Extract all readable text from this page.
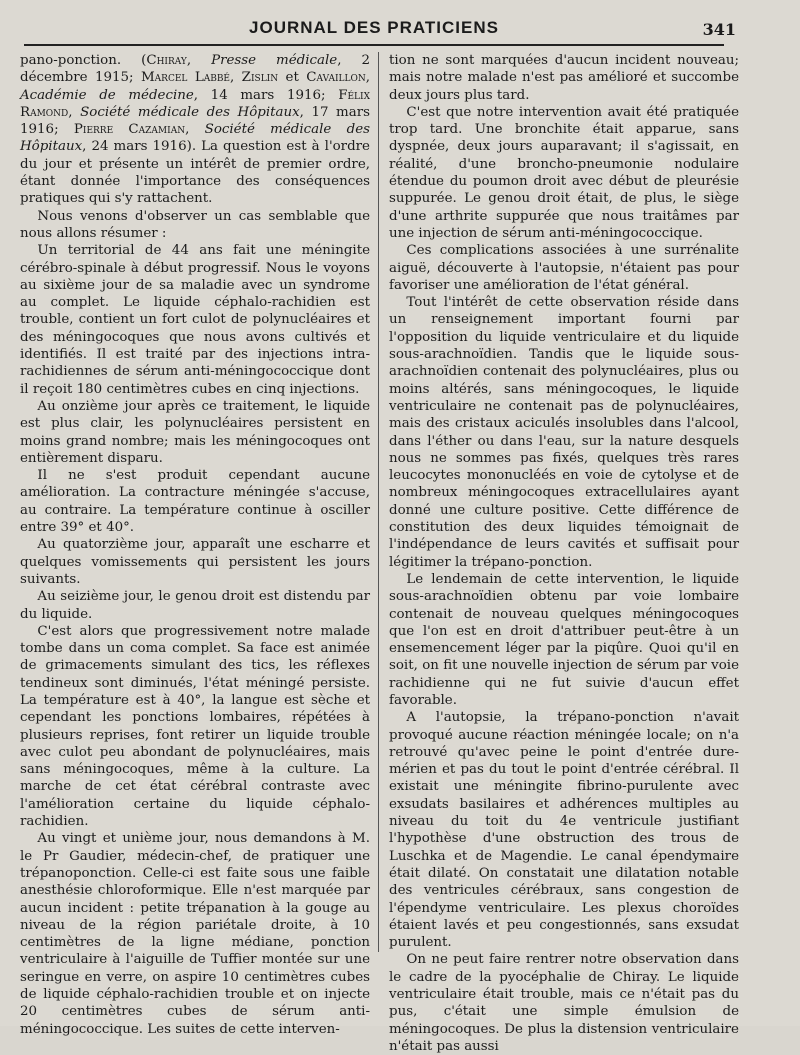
JOURNAL DES PRATICIENS	341

pano-ponction. (Chiray, Presse médicale, 2 décembre 1915; Marcel Labbé, Zislin et Cavaillon, Académie de médecine, 14 mars 1916; Félix Ramond, Société médicale des Hôpitaux, 17 mars 1916; Pierre Cazamian, Société médicale des Hôpitaux, 24 mars 1916). La question est à l'ordre du jour et présente un intérêt de premier ordre, étant donnée l'importance des conséquences pratiques qui s'y rattachent.

Nous venons d'observer un cas semblable que nous allons résumer :

Un territorial de 44 ans fait une méningite cérébro-spinale à début progressif. Nous le voyons au sixième jour de sa maladie avec un syndrome au complet. Le liquide céphalo-rachidien est trouble, contient un fort culot de polynucléaires et des méningocoques que nous avons cultivés et identifiés. Il est traité par des injections intra-rachidiennes de sérum anti-méningococcique dont il reçoit 180 centimètres cubes en cinq injections.

Au onzième jour après ce traitement, le liquide est plus clair, les polynucléaires persistent en moins grand nombre; mais les méningocoques ont entièrement disparu.

Il ne s'est produit cependant aucune amélioration. La contracture méningée s'accuse, au contraire. La température continue à osciller entre 39° et 40°.

Au quatorzième jour, apparaît une escharre et quelques vomissements qui persistent les jours suivants.

Au seizième jour, le genou droit est distendu par du liquide.

C'est alors que progressivement notre malade tombe dans un coma complet. Sa face est animée de grimacements simulant des tics, les réflexes tendineux sont diminués, l'état méningé persiste. La température est à 40°, la langue est sèche et cependant les ponctions lombaires, répétées à plusieurs reprises, font retirer un liquide trouble avec culot peu abondant de polynucléaires, mais sans méningocoques, même à la culture. La marche de cet état cérébral contraste avec l'amélioration certaine du liquide céphalo-rachidien.

Au vingt et unième jour, nous demandons à M. le Pr Gaudier, médecin-chef, de pratiquer une trépanoponction. Celle-ci est faite sous une faible anesthésie chloroformique. Elle n'est marquée par aucun incident : petite trépanation à la gouge au niveau de la région pariétale droite, à 10 centimètres de la ligne médiane, ponction ventriculaire à l'aiguille de Tuffier montée sur une seringue en verre, on aspire 10 centimètres cubes de liquide céphalo-rachidien trouble et on injecte 20 centimètres cubes de sérum anti-méningococcique. Les suites de cette interven-

tion ne sont marquées d'aucun incident nouveau; mais notre malade n'est pas amélioré et succombe deux jours plus tard.

C'est que notre intervention avait été pratiquée trop tard. Une bronchite était apparue, sans dyspnée, deux jours auparavant; il s'agissait, en réalité, d'une broncho-pneumonie nodulaire étendue du poumon droit avec début de pleurésie suppurée. Le genou droit était, de plus, le siège d'une arthrite suppurée que nous traitâmes par une injection de sérum anti-méningococcique.

Ces complications associées à une surrénalite aiguë, découverte à l'autopsie, n'étaient pas pour favoriser une amélioration de l'état général.

Tout l'intérêt de cette observation réside dans un renseignement important fourni par l'opposition du liquide ventriculaire et du liquide sous-arachnoïdien. Tandis que le liquide sous-arachnoïdien contenait des polynucléaires, plus ou moins altérés, sans méningocoques, le liquide ventriculaire ne contenait pas de polynucléaires, mais des cristaux aciculés insolubles dans l'alcool, dans l'éther ou dans l'eau, sur la nature desquels nous ne sommes pas fixés, quelques très rares leucocytes mononucléés en voie de cytolyse et de nombreux méningocoques extracellulaires ayant donné une culture positive. Cette différence de constitution des deux liquides témoignait de l'indépendance de leurs cavités et suffisait pour légitimer la trépano-ponction.

Le lendemain de cette intervention, le liquide sous-arachnoïdien obtenu par voie lombaire contenait de nouveau quelques méningocoques que l'on est en droit d'attribuer peut-être à un ensemencement léger par la piqûre. Quoi qu'il en soit, on fit une nouvelle injection de sérum par voie rachidienne qui ne fut suivie d'aucun effet favorable.

A l'autopsie, la trépano-ponction n'avait provoqué aucune réaction méningée locale; on n'a retrouvé qu'avec peine le point d'entrée dure-mérien et pas du tout le point d'entrée cérébral. Il existait une méningite fibrino-purulente avec exsudats basilaires et adhérences multiples au niveau du toit du 4e ventricule justifiant l'hypothèse d'une obstruction des trous de Luschka et de Magendie. Le canal épendymaire était dilaté. On constatait une dilatation notable des ventricules cérébraux, sans congestion de l'épendyme ventriculaire. Les plexus choroïdes étaient lavés et peu congestionnés, sans exsudat purulent.

On ne peut faire rentrer notre observation dans le cadre de la pyocéphalie de Chiray. Le liquide ventriculaire était trouble, mais ce n'était pas du pus, c'était une simple émulsion de méningocoques. De plus la distension ventriculaire n'était pas aussi
